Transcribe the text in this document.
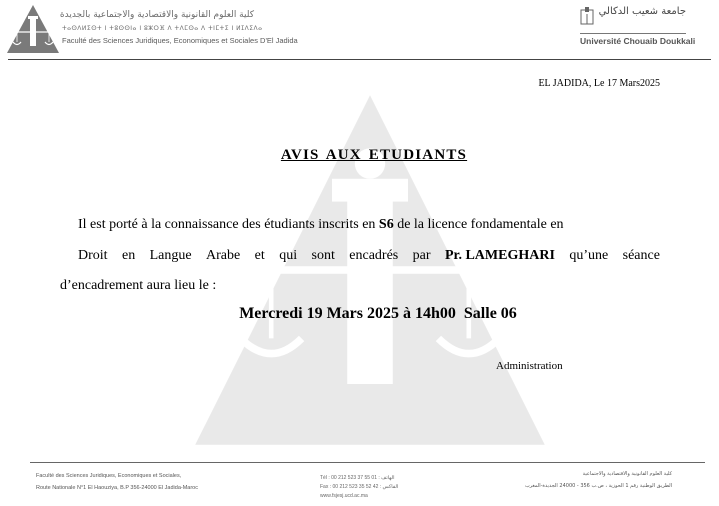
كلية العلوم القانونية والاقتصادية والاجتماعية بالجديدة
ⵜⴰⵙⴷⵍⵉⵙⵜ ⵏ ⵜⵓⵙⵙⵏⴰ ⵏ ⵓⵣⵔⴼ ⴷ ⵜⴷⵎⵙⴰ ⴷ ⵜⵏⵎⵜⵉ ⵏ ⵍⵊⴷⵉⴷⴰ
Faculté des Sciences Juridiques, Economiques et Sociales D'El Jadida
جامعة شعيب الدكالي
Université Chouaib Doukkali
EL JADIDA, Le 17 Mars2025
AVIS AUX ETUDIANTS
Il est porté à la connaissance des étudiants inscrits en S6 de la licence fondamentale en
Droit en Langue Arabe et qui sont encadrés par Pr. LAMEGHARI qu’une séance
d’encadrement aura lieu le :
Mercredi 19 Mars 2025 à 14h00  Salle 06
Administration
Faculté des Sciences Juridiques, Economiques et Sociales,
Route Nationale N°1 El Haouziya, B.P 356-24000 El Jadida-Maroc
Tél : 00 212 523 37 55 01 : الهاتف
Fax : 00 212 523 35 52 42 : الفاكس
www.fsjesj.ucd.ac.ma
كلية العلوم القانونية والاقتصادية والاجتماعية
الطريق الوطنية رقم 1 الحوزية ، ص.ب 356 - 24000 الجديدة-المغرب
